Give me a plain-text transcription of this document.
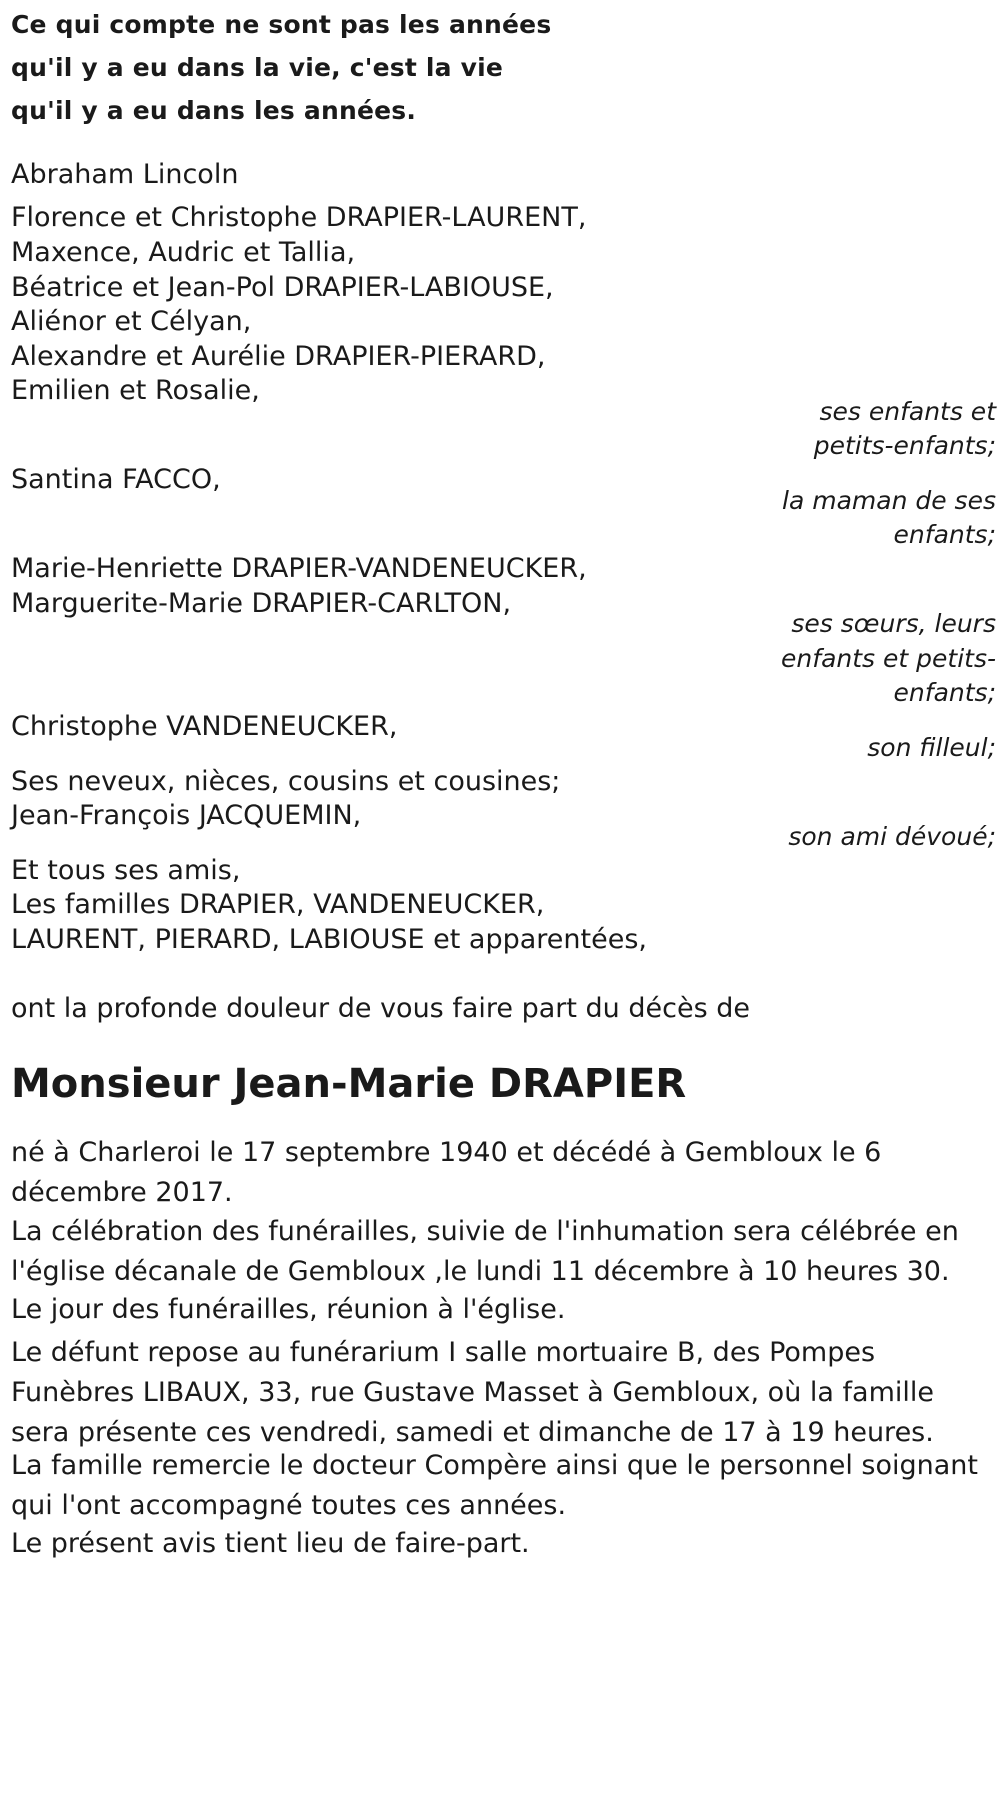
Ce qui compte ne sont pas les années
qu'il y a eu dans la vie, c'est la vie
qu'il y a eu dans les années.
Abraham Lincoln
Florence et Christophe DRAPIER-LAURENT,
Maxence, Audric et Tallia,
Béatrice et Jean-Pol DRAPIER-LABIOUSE,
Aliénor et Célyan,
Alexandre et Aurélie DRAPIER-PIERARD,
Emilien et Rosalie,
ses enfants et
petits-enfants;
Santina FACCO,
la maman de ses
enfants;
Marie-Henriette DRAPIER-VANDENEUCKER,
Marguerite-Marie DRAPIER-CARLTON,
ses sœurs, leurs
enfants et petits-
enfants;
Christophe VANDENEUCKER,
son filleul;
Ses neveux, nièces, cousins et cousines;
Jean-François JACQUEMIN,
son ami dévoué;
Et tous ses amis,
Les familles DRAPIER, VANDENEUCKER,
LAURENT, PIERARD, LABIOUSE et apparentées,
ont la profonde douleur de vous faire part du décès de
Monsieur Jean-Marie DRAPIER
né à Charleroi le 17 septembre 1940 et décédé à Gembloux le 6 décembre 2017.
La célébration des funérailles, suivie de l'inhumation sera célébrée en l'église décanale de Gembloux ,le lundi 11 décembre à 10 heures 30.
Le jour des funérailles, réunion à l'église.
Le défunt repose au funérarium I salle mortuaire B, des Pompes Funèbres LIBAUX, 33, rue Gustave Masset à Gembloux, où la famille sera présente ces vendredi, samedi et dimanche de 17 à 19 heures.
La famille remercie le docteur Compère ainsi que le personnel soignant qui l'ont accompagné toutes ces années.
Le présent avis tient lieu de faire-part.
